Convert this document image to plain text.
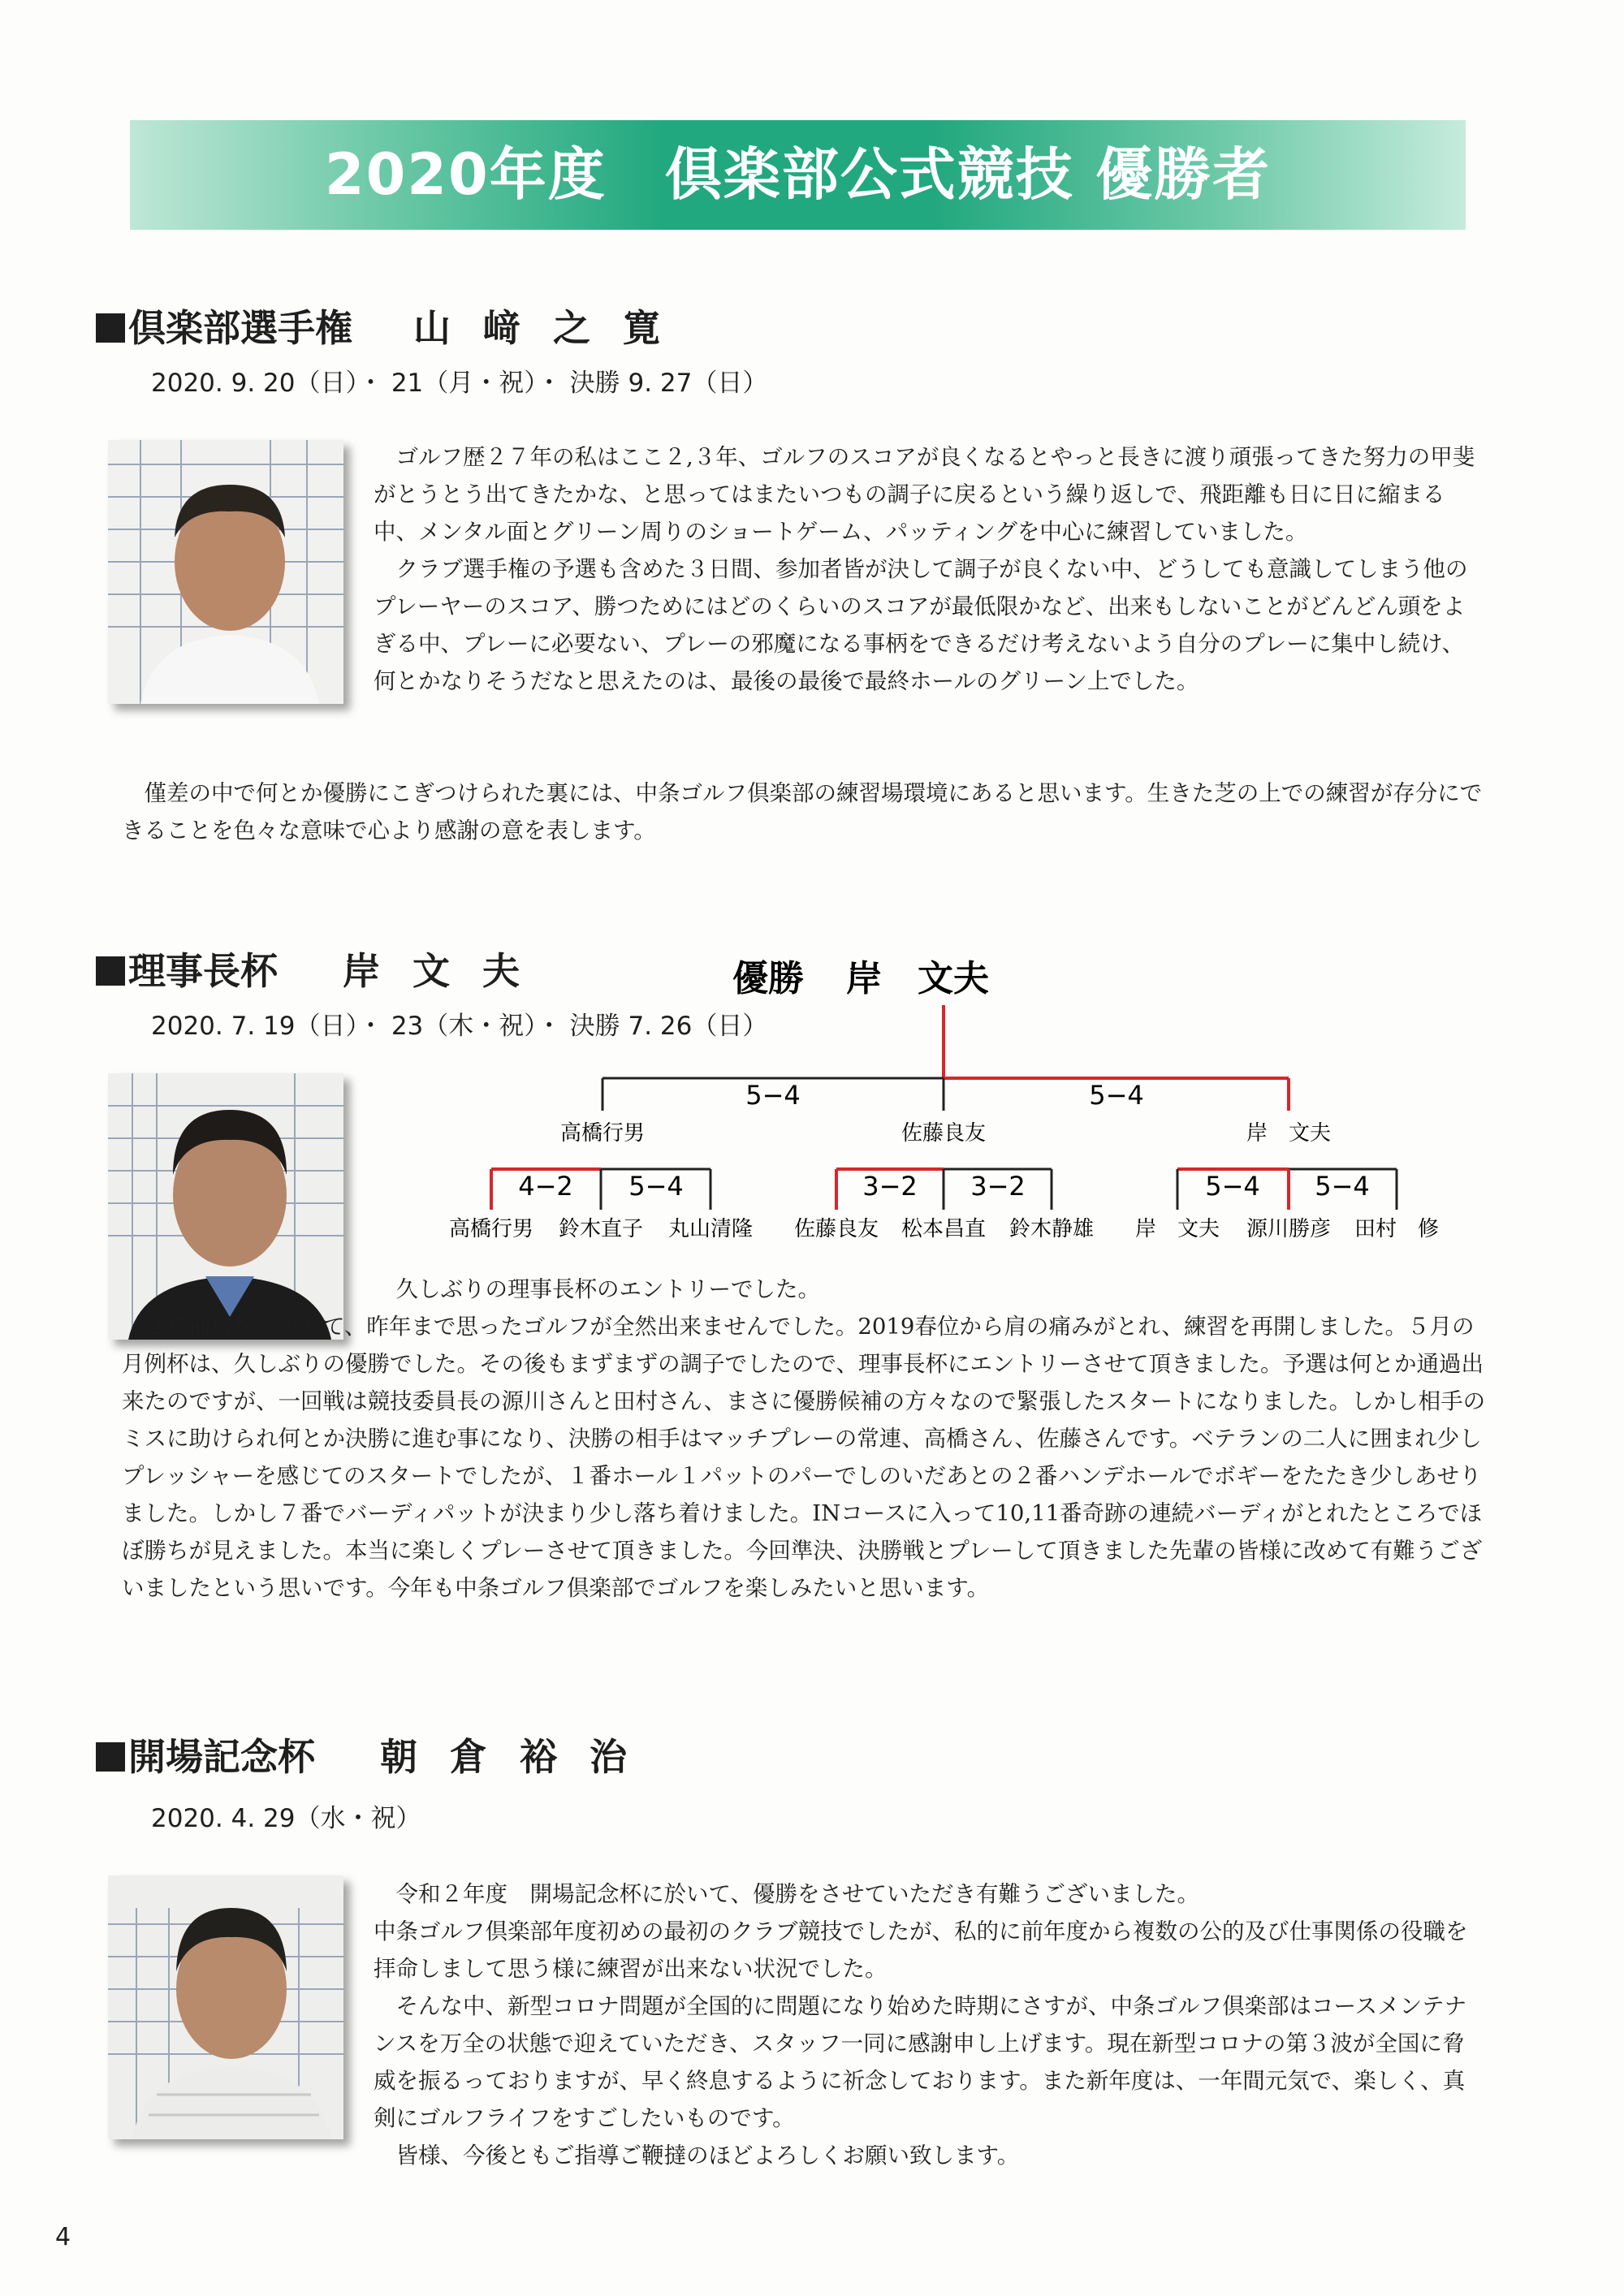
2020年度　倶楽部公式競技 優勝者
倶楽部選手権 山﨑之寛
2020. 9. 20（日）・ 21（月・祝）・ 決勝 9. 27（日）

ゴルフ歴２７年の私はここ２,３年、ゴルフのスコアが良くなるとやっと長きに渡り頑張ってきた努力の甲斐がとうとう出てきたかな、と思ってはまたいつもの調子に戻るという繰り返しで、飛距離も日に日に縮まる中、メンタル面とグリーン周りのショートゲーム、パッティングを中心に練習していました。

クラブ選手権の予選も含めた３日間、参加者皆が決して調子が良くない中、どうしても意識してしまう他のプレーヤーのスコア、勝つためにはどのくらいのスコアが最低限かなど、出来もしないことがどんどん頭をよぎる中、プレーに必要ない、プレーの邪魔になる事柄をできるだけ考えないよう自分のプレーに集中し続け、何とかなりそうだなと思えたのは、最後の最後で最終ホールのグリーン上でした。

僅差の中で何とか優勝にこぎつけられた裏には、中条ゴルフ倶楽部の練習場環境にあると思います。生きた芝の上での練習が存分にできることを色々な意味で心より感謝の意を表します。

理事長杯 岸文夫
2020. 7. 19（日）・ 23（木・祝）・ 決勝 7. 26（日）
優勝 岸　文夫
5−4	5−4
高橋行男	佐藤良友	岸　文夫
4−2 5−4	3−2 3−2	5−4 5−4
高橋行男 鈴木直子 丸山清隆 佐藤良友 松本昌直 鈴木静雄 岸　文夫 源川勝彦 田村　修

久しぶりの理事長杯のエントリーでした。

２年前肩をケガして、昨年まで思ったゴルフが全然出来ませんでした。2019春位から肩の痛みがとれ、練習を再開しました。５月の月例杯は、久しぶりの優勝でした。その後もまずまずの調子でしたので、理事長杯にエントリーさせて頂きました。予選は何とか通過出来たのですが、一回戦は競技委員長の源川さんと田村さん、まさに優勝候補の方々なので緊張したスタートになりました。しかし相手のミスに助けられ何とか決勝に進む事になり、決勝の相手はマッチプレーの常連、高橋さん、佐藤さんです。ベテランの二人に囲まれ少しプレッシャーを感じてのスタートでしたが、１番ホール１パットのパーでしのいだあとの２番ハンデホールでボギーをたたき少しあせりました。しかし７番でバーディパットが決まり少し落ち着けました。INコースに入って10,11番奇跡の連続バーディがとれたところでほぼ勝ちが見えました。本当に楽しくプレーさせて頂きました。今回準決、決勝戦とプレーして頂きました先輩の皆様に改めて有難うございましたという思いです。今年も中条ゴルフ倶楽部でゴルフを楽しみたいと思います。

開場記念杯 朝倉裕治
2020. 4. 29（水・祝）

令和２年度　開場記念杯に於いて、優勝をさせていただき有難うございました。

中条ゴルフ倶楽部年度初めの最初のクラブ競技でしたが、私的に前年度から複数の公的及び仕事関係の役職を拝命しまして思う様に練習が出来ない状況でした。

そんな中、新型コロナ問題が全国的に問題になり始めた時期にさすが、中条ゴルフ倶楽部はコースメンテナンスを万全の状態で迎えていただき、スタッフ一同に感謝申し上げます。現在新型コロナの第３波が全国に脅威を振るっておりますが、早く終息するように祈念しております。また新年度は、一年間元気で、楽しく、真剣にゴルフライフをすごしたいものです。

皆様、今後ともご指導ご鞭撻のほどよろしくお願い致します。

4
